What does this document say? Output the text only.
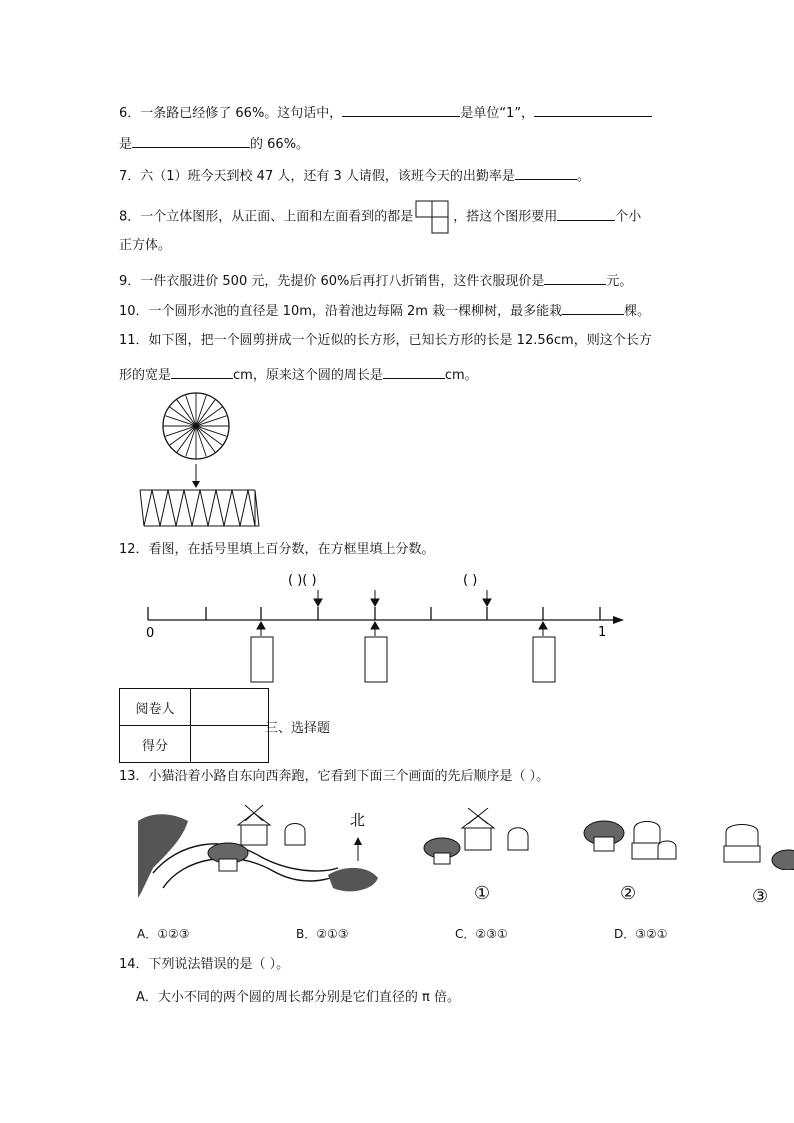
6．一条路已经修了 66%。这句话中，	是单位“1”，
是	的 66%。
7．六（1）班今天到校 47 人，还有 3 人请假，该班今天的出勤率是	。
8．一个立体图形，从正面、上面和左面看到的都是	，搭这个图形要用	个小
正方体。
9．一件衣服进价 500 元，先提价 60%后再打八折销售，这件衣服现价是	元。
10．一个圆形水池的直径是 10m，沿着池边每隔 2m 栽一棵柳树，最多能栽	棵。
11．如下图，把一个圆剪拼成一个近似的长方形，已知长方形的长是 12.56cm，则这个长方
形的宽是	cm，原来这个圆的周长是	cm。
12．看图，在括号里填上百分数，在方框里填上分数。
( )( )	( )
0	1
阅卷人	
得分	
三、选择题
13．小猫沿着小路自东向西奔跑，它看到下面三个画面的先后顺序是（ ）。
北
①	②	③
A．①②③	B．②①③	C．②③①	D．③②①
14．下列说法错误的是（ ）。
A．大小不同的两个圆的周长都分别是它们直径的 π 倍。
